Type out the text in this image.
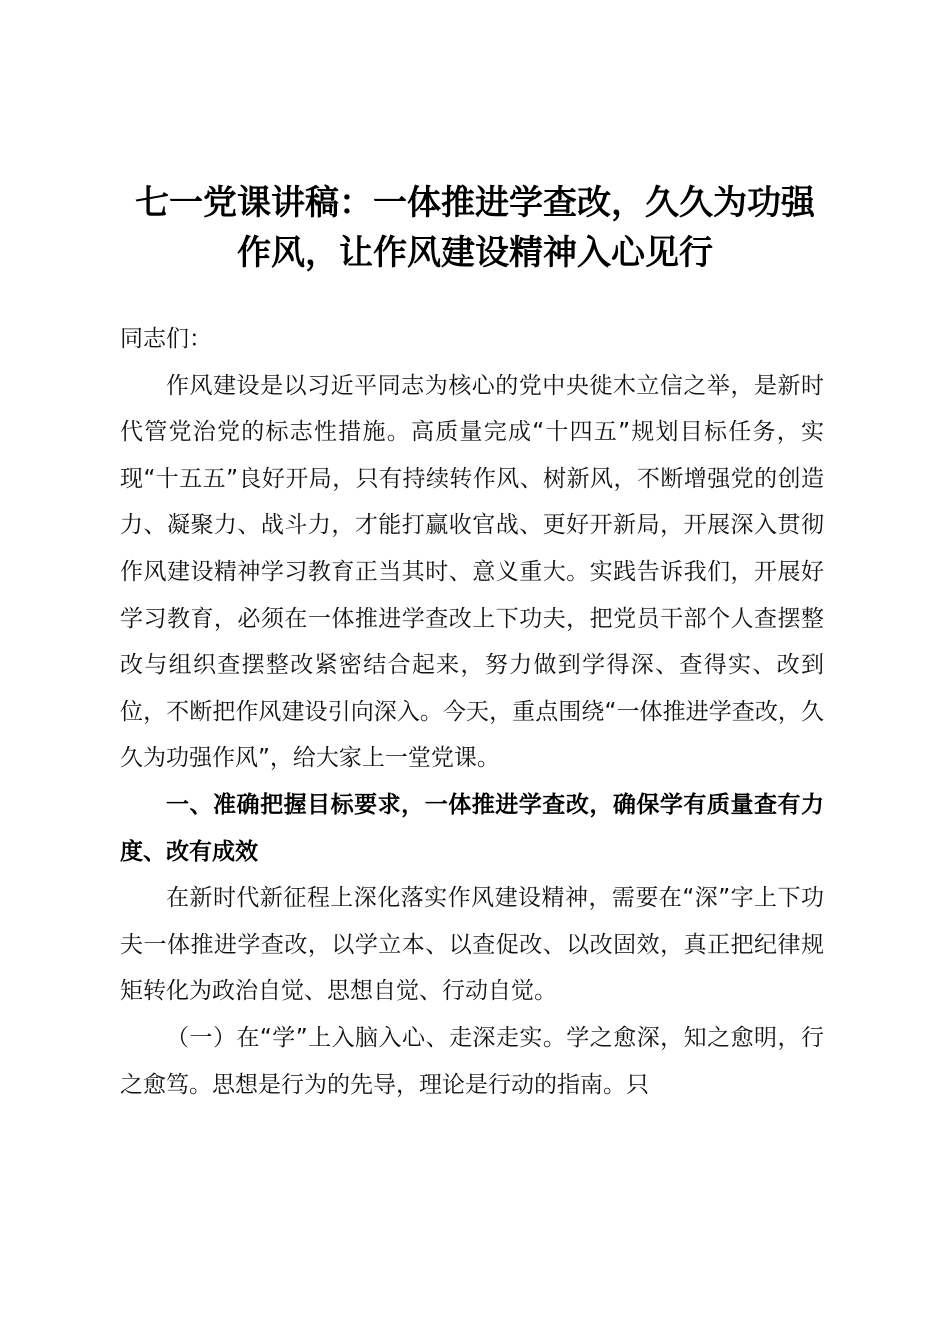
七一党课讲稿：一体推进学查改，久久为功强
作风，让作风建设精神入心见行

同志们：

作风建设是以习近平同志为核心的党中央徙木立信之举，是新时代管党治党的标志性措施。高质量完成“十四五”规划目标任务，实现“十五五”良好开局，只有持续转作风、树新风，不断增强党的创造力、凝聚力、战斗力，才能打赢收官战、更好开新局，开展深入贯彻作风建设精神学习教育正当其时、意义重大。实践告诉我们，开展好学习教育，必须在一体推进学查改上下功夫，把党员干部个人查摆整改与组织查摆整改紧密结合起来，努力做到学得深、查得实、改到位，不断把作风建设引向深入。今天，重点围绕“一体推进学查改，久久为功强作风”，给大家上一堂党课。

一、准确把握目标要求，一体推进学查改，确保学有质量查有力度、改有成效

在新时代新征程上深化落实作风建设精神，需要在“深”字上下功夫一体推进学查改，以学立本、以查促改、以改固效，真正把纪律规矩转化为政治自觉、思想自觉、行动自觉。

（一）在“学”上入脑入心、走深走实。学之愈深，知之愈明，行之愈笃。思想是行为的先导，理论是行动的指南。只
